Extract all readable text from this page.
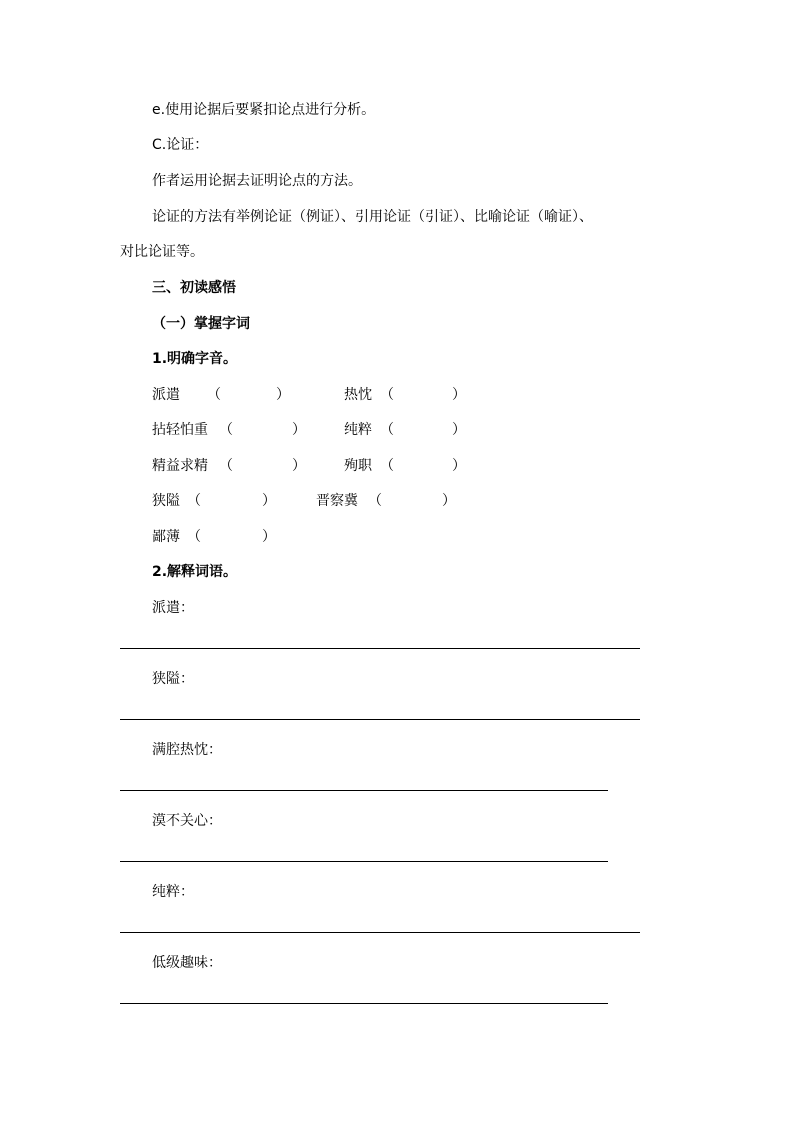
e.使用论据后要紧扣论点进行分析。
C.论证：
作者运用论据去证明论点的方法。
论证的方法有举例论证（例证）、引用论证（引证）、比喻论证（喻证）、
对比论证等。
三、初读感悟
（一）掌握字词
1.明确字音。
派遣 （	）	热忱 （	）
拈轻怕重 （	）	纯粹 （	）
精益求精 （	）	殉职 （	）
狭隘 （	）	晋察冀 （	）
鄙薄 （	）
2.解释词语。
派遣：
狭隘：
满腔热忱：
漠不关心：
纯粹：
低级趣味：
